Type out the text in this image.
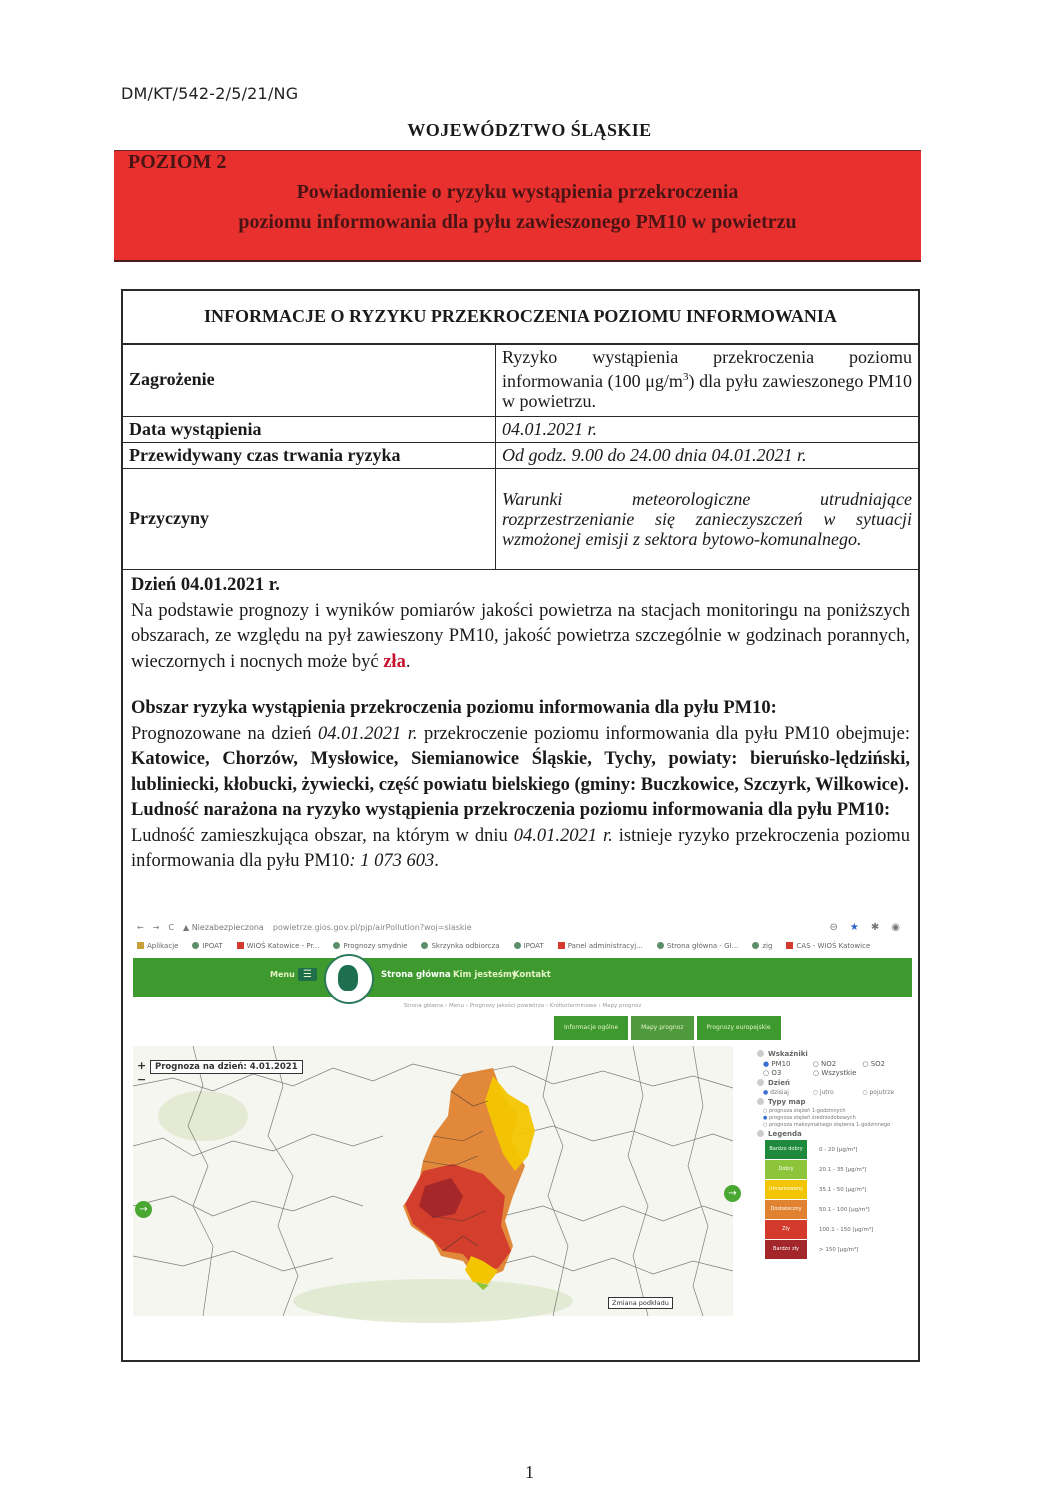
DM/KT/542-2/5/21/NG
WOJEWÓDZTWO ŚLĄSKIE
POZIOM 2
Powiadomienie o ryzyku wystąpienia przekroczenia
poziomu informowania dla pyłu zawieszonego PM10 w powietrzu
INFORMACJE O RYZYKU PRZEKROCZENIA POZIOMU INFORMOWANIA
Zagrożenie	Ryzyko wystąpienia przekroczenia poziomu informowania (100 $\mu g/m^3$) dla pyłu zawieszonego PM10 w powietrzu.
Data wystąpienia	04.01.2021 r.
Przewidywany czas trwania ryzyka	Od godz. 9.00 do 24.00 dnia 04.01.2021 r.
Przyczyny	Warunki meteorologiczne utrudniające rozprzestrzenianie się zanieczyszczeń w sytuacji wzmożonej emisji z sektora bytowo-komunalnego.

Dzień 04.01.2021 r.

Na podstawie prognozy i wyników pomiarów jakości powietrza na stacjach monitoringu na poniższych obszarach, ze względu na pył zawieszony PM10, jakość powietrza szczególnie w godzinach porannych, wieczornych i nocnych może być zła.

Obszar ryzyka wystąpienia przekroczenia poziomu informowania dla pyłu PM10:

Prognozowane na dzień 04.01.2021 r. przekroczenie poziomu informowania dla pyłu PM10 obejmuje: Katowice, Chorzów, Mysłowice, Siemianowice Śląskie, Tychy, powiaty: bieruńsko-lędziński, lubliniecki, kłobucki, żywiecki, część powiatu bielskiego (gminy: Buczkowice, Szczyrk, Wilkowice).

Ludność narażona na ryzyko wystąpienia przekroczenia poziomu informowania dla pyłu PM10:

Ludność zamieszkująca obszar, na którym w dniu 04.01.2021 r. istnieje ryzyko przekroczenia poziomu informowania dla pyłu PM10: 1 073 603.

← → C ▲ Niezabezpieczona powietrze.gios.gov.pl/pjp/airPollution?woj=slaskie	⊖ ★ ✱ ◉
Aplikacje	IPOAT	WIOŚ Katowice - Pr...	Prognozy smydnie	Skrzynka odbiorcza	IPOAT	Panel administracyj...	Strona główna - GI...	zig	CAS - WIOŚ Katowice
Menu ☰	Strona główna Kim jesteśmy
Kontakt
Strona główna › Menu › Prognozy jakości powietrza › Krótkoterminowe › Mapy prognoz
Informacje ogólne	Mapy prognoz	Prognozy europejskie
+
−
Prognoza na dzień: 4.01.2021
Zmiana podkładu
→
→
Wskaźniki
● PM10	○ NO2	○ SO2
○ O3	○ Wszystkie
Dzień
● dzisiaj	○ jutro	○ pojutrze
Typy map
○ prognoza stężeń 1-godzinnych
● prognoza stężeń średniodobowych
○ prognoza maksymalnego stężenia 1-godzinnego
Legenda
Bardzo dobry	0 - 20 [µg/m³]
Dobry	20.1 - 35 [µg/m³]
Umiarkowany	35.1 - 50 [µg/m³]
Dostateczny	50.1 - 100 [µg/m³]
Zły	100.1 - 150 [µg/m³]
Bardzo zły	> 150 [µg/m³]
1
